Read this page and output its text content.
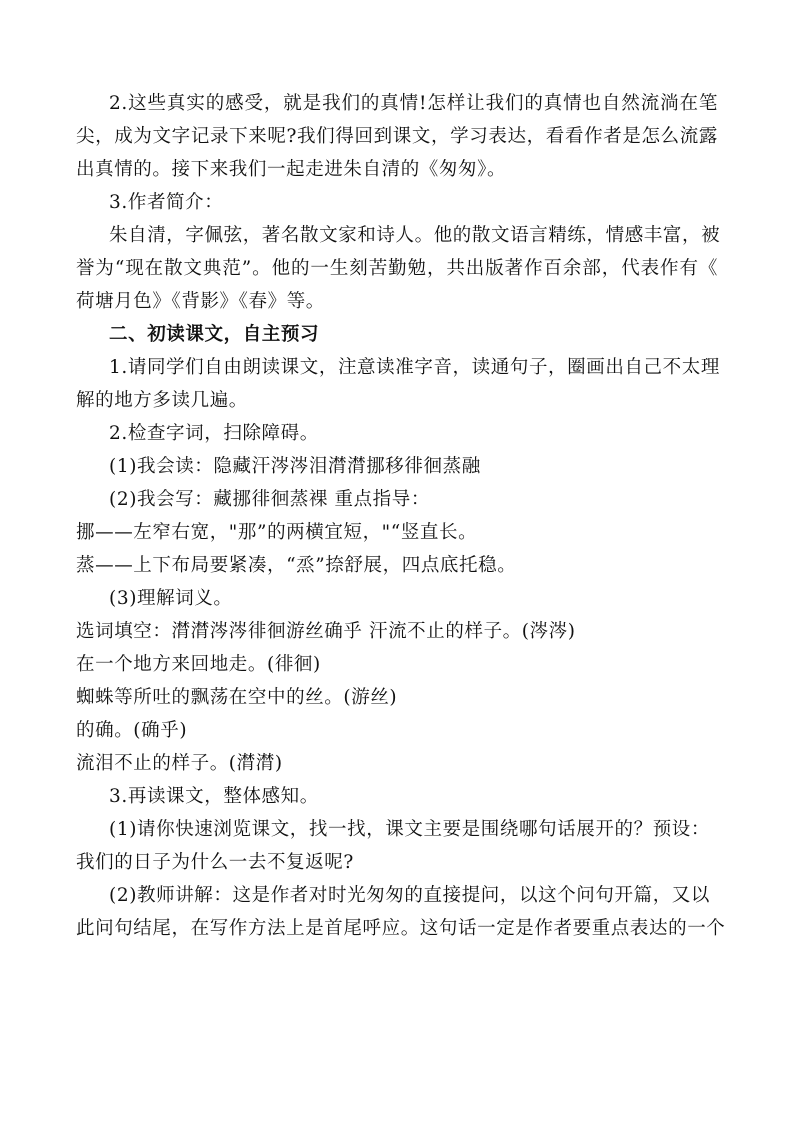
2.这些真实的感受，就是我们的真情!怎样让我们的真情也自然流淌在笔
尖，成为文字记录下来呢?我们得回到课文，学习表达，看看作者是怎么流露
出真情的。接下来我们一起走进朱自清的《匆匆》。
3.作者简介：
朱自清，字佩弦，著名散文家和诗人。他的散文语言精练，情感丰富，被
誉为“现在散文典范”。他的一生刻苦勤勉，共出版著作百余部，代表作有《
荷塘月色》《背影》《春》等。
二、初读课文，自主预习
1.请同学们自由朗读课文，注意读准字音，读通句子，圈画出自己不太理
解的地方多读几遍。
2.检查字词，扫除障碍。
(1)我会读：隐藏汗涔涔泪潸潸挪移徘徊蒸融
(2)我会写：藏挪徘徊蒸裸 重点指导：
挪——左窄右宽，"那”的两横宜短，"“竖直长。
蒸——上下布局要紧凑，“烝”捺舒展，四点底托稳。
(3)理解词义。
选词填空：潸潸涔涔徘徊游丝确乎 汗流不止的样子。(涔涔)
在一个地方来回地走。(徘徊)
蜘蛛等所吐的飘荡在空中的丝。(游丝)
的确。(确乎)
流泪不止的样子。(潸潸)
3.再读课文，整体感知。
(1)请你快速浏览课文，找一找，课文主要是围绕哪句话展开的？预设：
我们的日子为什么一去不复返呢?
(2)教师讲解：这是作者对时光匆匆的直接提问，以这个问句开篇，又以
此问句结尾，在写作方法上是首尾呼应。这句话一定是作者要重点表达的一个
